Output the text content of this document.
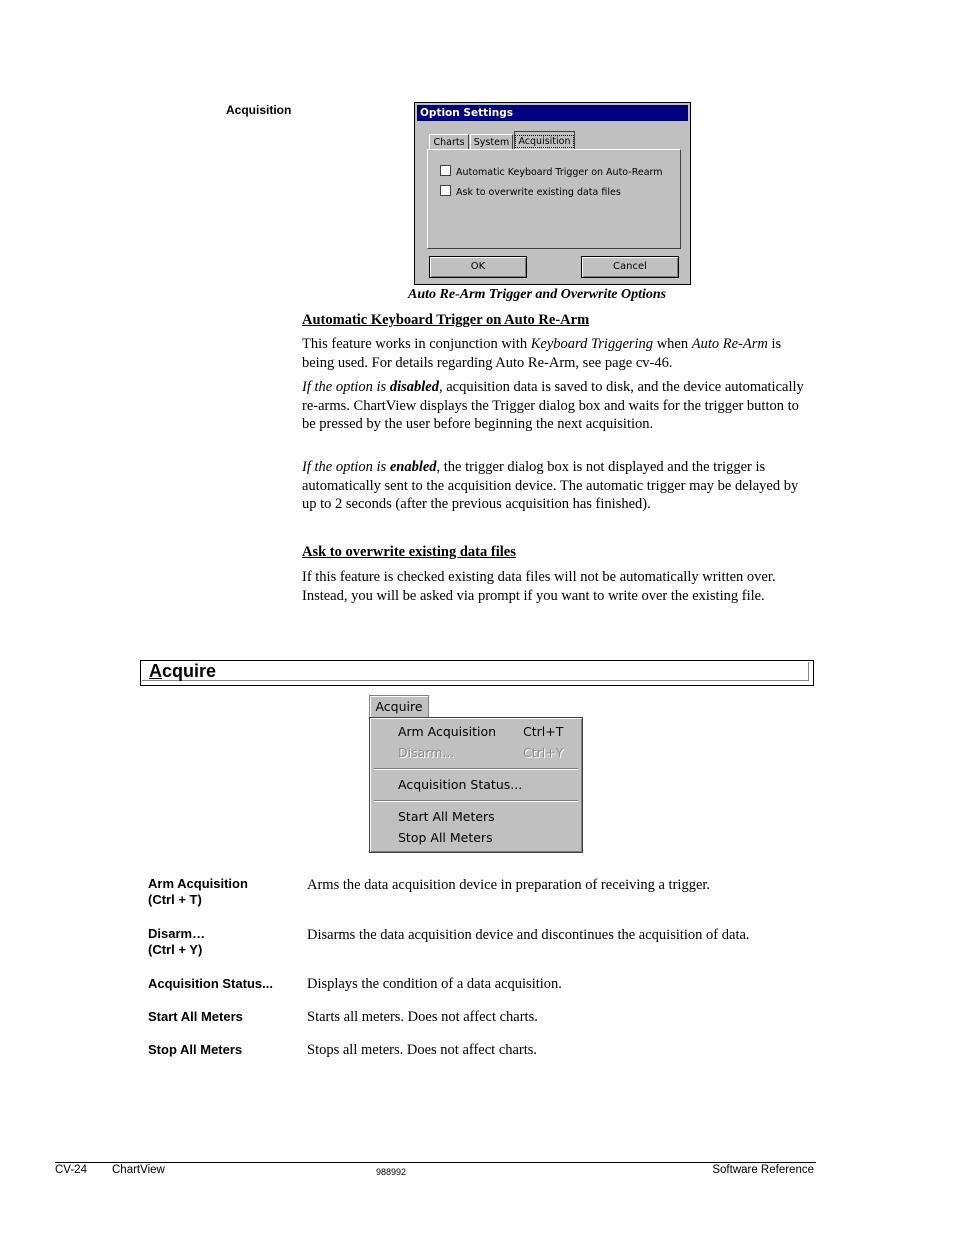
Acquisition	Option Settings
Charts System Acquisition
Automatic Keyboard Trigger on Auto-Rearm
Ask to overwrite existing data files
OK	Cancel
Auto Re-Arm Trigger and Overwrite Options
Automatic Keyboard Trigger on Auto Re-Arm
This feature works in conjunction with Keyboard Triggering when Auto Re-Arm is being used. For details regarding Auto Re-Arm, see page cv-46.
If the option is disabled, acquisition data is saved to disk, and the device automatically re-arms. ChartView displays the Trigger dialog box and waits for the trigger button to be pressed by the user before beginning the next acquisition.
If the option is enabled, the trigger dialog box is not displayed and the trigger is automatically sent to the acquisition device. The automatic trigger may be delayed by up to 2 seconds (after the previous acquisition has finished).
Ask to overwrite existing data files
If this feature is checked existing data files will not be automatically written over. Instead, you will be asked via prompt if you want to write over the existing file.
Acquire
Acquire
Arm Acquisition Ctrl+T
Disarm...	Ctrl+Y
Acquisition Status...
Start All Meters
Stop All Meters
Arm Acquisition
(Ctrl + T)
Arms the data acquisition device in preparation of receiving a trigger.
Disarm…
(Ctrl + Y)
Disarms the data acquisition device and discontinues the acquisition of data.
Acquisition Status... Displays the condition of a data acquisition.
Start All Meters	Starts all meters. Does not affect charts.
Stop All Meters	Stops all meters. Does not affect charts.
CV-24 ChartView	988992	Software Reference
